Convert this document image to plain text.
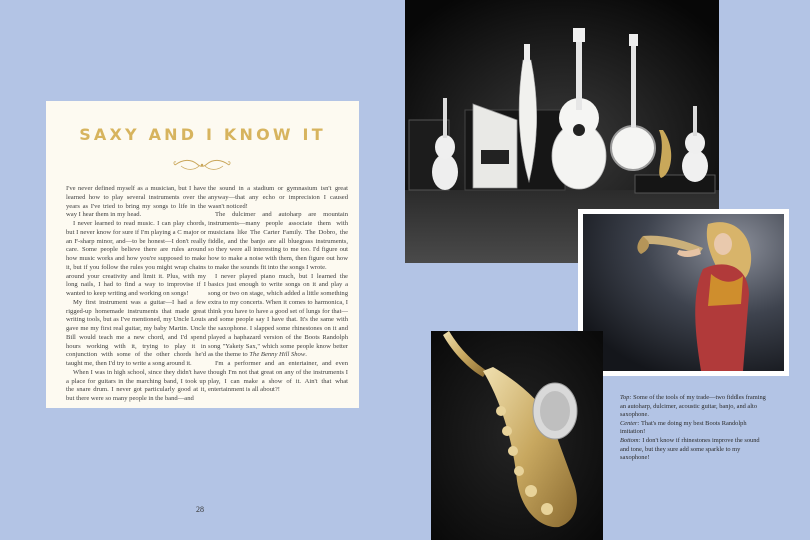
SAXY AND I KNOW IT

I've never defined myself as a musician, but I have learned how to play several instruments over the years as I've tried to bring my songs to life in the way I hear them in my head.

I never learned to read music. I can play chords, but I never know for sure if I'm playing a C major or an F-sharp minor, and—to be honest—I don't really care. Some people believe there are rules around how music works and how you're supposed to make it, but if you follow the rules you might wrap chains around your creativity and limit it. Plus, with my long nails, I had to find a way to improvise if I wanted to keep writing and working on songs!

My first instrument was a guitar—I had a few rigged-up homemade instruments that made great writing tools, but as I've mentioned, my Uncle Louis gave me my first real guitar, my baby Martin. Uncle Bill would teach me a new chord, and I'd spend hours working with it, trying to play it in conjunction with some of the other chords he'd taught me, then I'd try to write a song around it.

When I was in high school, since they didn't have a place for guitars in the marching band, I took up the snare drum. I never got particularly good at it, but there were so many people in the band—and

the sound in a stadium or gymnasium isn't great anyway—that any echo or imprecision I caused wasn't noticed!

The dulcimer and autoharp are mountain instruments—many people associate them with musicians like The Carter Family. The Dobro, the fiddle, and the banjo are all bluegrass instruments, so they were all interesting to me too. I'd figure out how to make a noise with them, then figure out how to make the sounds fit into the songs I wrote.

I never played piano much, but I learned the basics just enough to write songs on it and play a song or two on stage, which added a little something extra to my concerts. When it comes to harmonica, I think you have to have a good set of lungs for that—and some people say I have that. It's the same with the saxophone. I slapped some rhinestones on it and played a haphazard version of the Boots Randolph song "Yakety Sax," which some people know better as the theme to The Benny Hill Show.

I'm a performer and an entertainer, and even though I'm not that great on any of the instruments I play, I can make a show of it. Ain't that what entertainment is all about?!

28

Top: Some of the tools of my trade—two fiddles framing an autoharp, dulcimer, acoustic guitar, banjo, and alto saxophone.

Center: That's me doing my best Boots Randolph imitation!

Bottom: I don't know if rhinestones improve the sound and tone, but they sure add some sparkle to my saxophone!
